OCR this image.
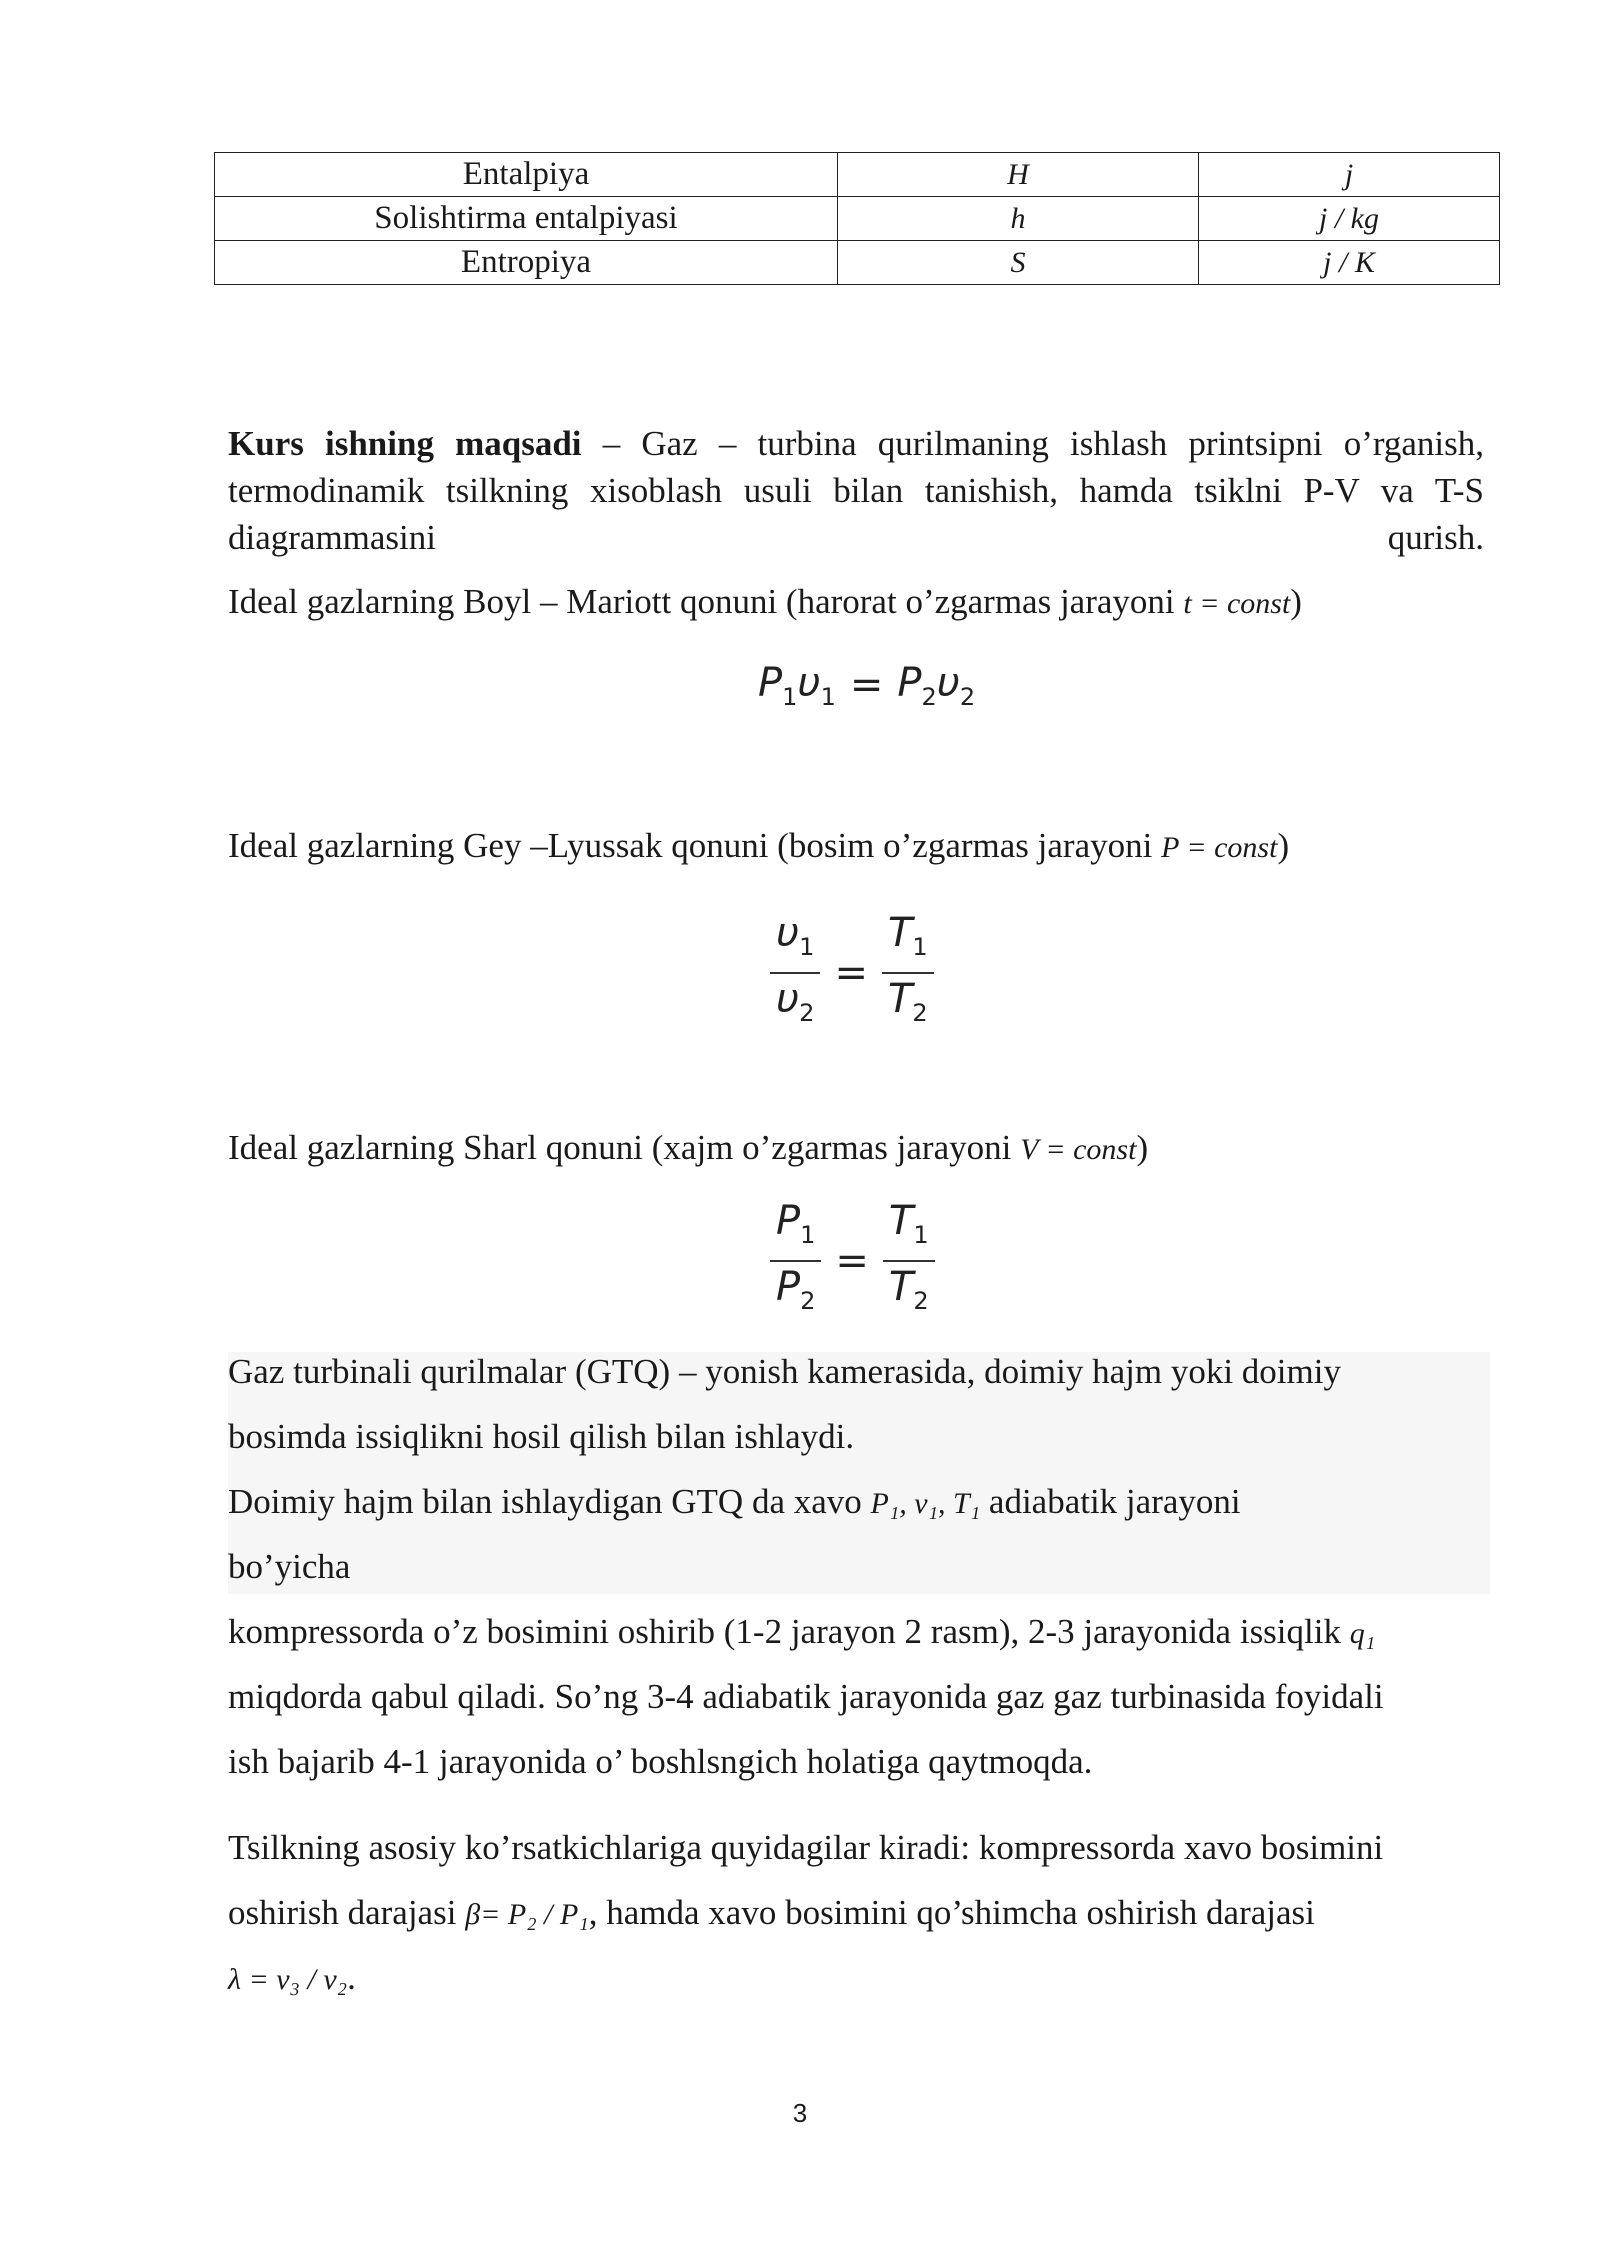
Entalpiya	H	j
Solishtirma entalpiyasi	h	j / kg
Entropiya	S	j / K
Kurs ishning maqsadi – Gaz – turbina qurilmaning ishlash printsipni o’rganish, termodinamik tsilkning xisoblash usuli bilan tanishish, hamda tsiklni P-V va T-S diagrammasini qurish.
Ideal gazlarning Boyl – Mariott qonuni (harorat o’zgarmas jarayoni t = const)
$P_1\upsilon_1 = P_2\upsilon_2$
Ideal gazlarning Gey –Lyussak qonuni (bosim o’zgarmas jarayoni P = const)
$\frac{\upsilon_1}{\upsilon_2} = \frac{T_1}{T_2}$
Ideal gazlarning Sharl qonuni (xajm o’zgarmas jarayoni V = const)
$\frac{P_1}{P_2} = \frac{T_1}{T_2}$
Gaz turbinali qurilmalar (GTQ) – yonish kamerasida, doimiy hajm yoki doimiy
bosimda issiqlikni hosil qilish bilan ishlaydi.
Doimiy hajm bilan ishlaydigan GTQ da xavo P₁, v₁, T₁ adiabatik jarayoni
bo’yicha
kompressorda o’z bosimini oshirib (1-2 jarayon 2 rasm), 2-3 jarayonida issiqlik q₁
miqdorda qabul qiladi. So’ng 3-4 adiabatik jarayonida gaz gaz turbinasida foyidali
ish bajarib 4-1 jarayonida o’ boshlsngich holatiga qaytmoqda.
Tsilkning asosiy ko’rsatkichlariga quyidagilar kiradi: kompressorda xavo bosimini
oshirish darajasi β= P₂ / P₁, hamda xavo bosimini qo’shimcha oshirish darajasi
λ = v₃ / v₂.
3
